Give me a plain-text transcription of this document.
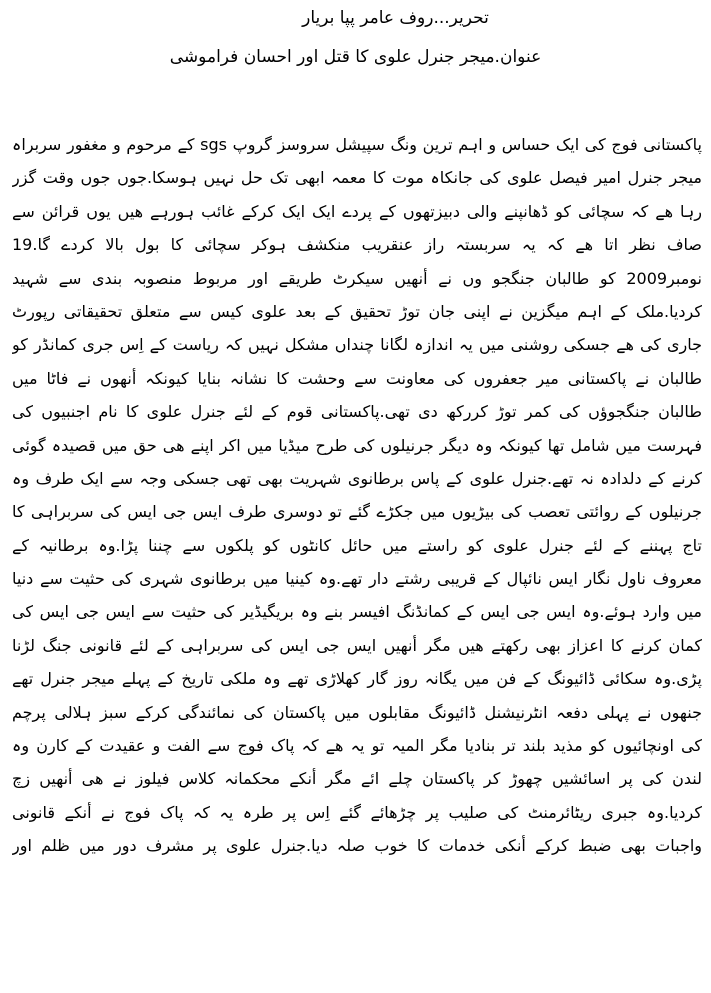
تحریر...روف عامر پپا بریار
عنوان.میجر جنرل علوی کا قتل اور احسان فراموشی
پاکستانی فوج کی ایک حساس و اہم ترین ونگ سپیشل سروسز گروپ sgs کے مرحوم و مغفور سربراہ
میجر جنرل امیر فیصل علوی کی جانکاہ موت کا معمہ ابھی تک حل نہیں ہوسکا.جوں جوں وقت گزر
رہا ھے کہ سچائی کو ڈھانپنے والی دبیزتھوں کے پردے ایک ایک کرکے غائب ہورہے ھیں یوں قرائن سے
صاف نظر اتا ھے کہ یہ سربستہ راز عنقریب منکشف ہوکر سچائی کا بول بالا کردے گا.19
نومبر2009 کو طالبان جنگجو وں نے أنھیں سیکرٹ طریقے اور مربوط منصوبہ بندی سے شہید
کردیا.ملک کے اہم میگزین نے اپنی جان توڑ تحقیق کے بعد علوی کیس سے متعلق تحقیقاتی رپورٹ
جاری کی ھے جسکی روشنی میں یہ اندازہ لگانا چنداں مشکل نہیں کہ ریاست کے اِس جری کمانڈر کو
طالبان نے پاکستانی میر جعفروں کی معاونت سے وحشت کا نشانہ بنایا کیونکہ أنھوں نے فاٹا میں
طالبان جنگجوؤں کی کمر توڑ کررکھ دی تھی.پاکستانی قوم کے لئے جنرل علوی کا نام اجنبیوں کی
فہرست میں شامل تھا کیونکہ وہ دیگر جرنیلوں کی طرح میڈیا میں اکر اپنے ھی حق میں قصیدہ گوئی
کرنے کے دلدادہ نہ تھے.جنرل علوی کے پاس برطانوی شہریت بھی تھی جسکی وجہ سے ایک طرف وہ
جرنیلوں کے روائتی تعصب کی بیڑیوں میں جکڑے گئے تو دوسری طرف ایس جی ایس کی سربراہی کا
تاج پہننے کے لئے جنرل علوی کو راستے میں حائل کانٹوں کو پلکوں سے چننا پڑا.وہ برطانیہ کے
معروف ناول نگار ایس نائپال کے قریبی رشتے دار تھے.وہ کینیا میں برطانوی شہری کی حثیت سے دنیا
میں وارد ہوئے.وہ ایس جی ایس کے کمانڈنگ افیسر بنے وہ بریگیڈیر کی حثیت سے ایس جی ایس کی
کمان کرنے کا اعزاز بھی رکھتے ھیں مگر أنھیں ایس جی ایس کی سربراہی کے لئے قانونی جنگ لڑنا
پڑی.وہ سکائی ڈائیونگ کے فن میں یگانہ روز گار کھلاڑی تھے وہ ملکی تاریخ کے پہلے میجر جنرل تھے
جنھوں نے پہلی دفعہ انٹرنیشنل ڈائیونگ مقابلوں میں پاکستان کی نمائندگی کرکے سبز ہلالی پرچم
کی اونچائیوں کو مذید بلند تر بنادیا مگر المیہ تو یہ ھے کہ پاک فوج سے الفت و عقیدت کے کارن وہ
لندن کی پر اسائشیں چھوڑ کر پاکستان چلے ائے مگر أنکے محکمانہ کلاس فیلوز نے ھی أنھیں زچ
کردیا.وہ جبری ریٹائرمنٹ کی صلیب پر چڑھائے گئے اِس پر طرہ یہ کہ پاک فوج نے أنکے قانونی
واجبات بھی ضبط کرکے أنکی خدمات کا خوب صلہ دیا.جنرل علوی پر مشرف دور میں ظلم اور
